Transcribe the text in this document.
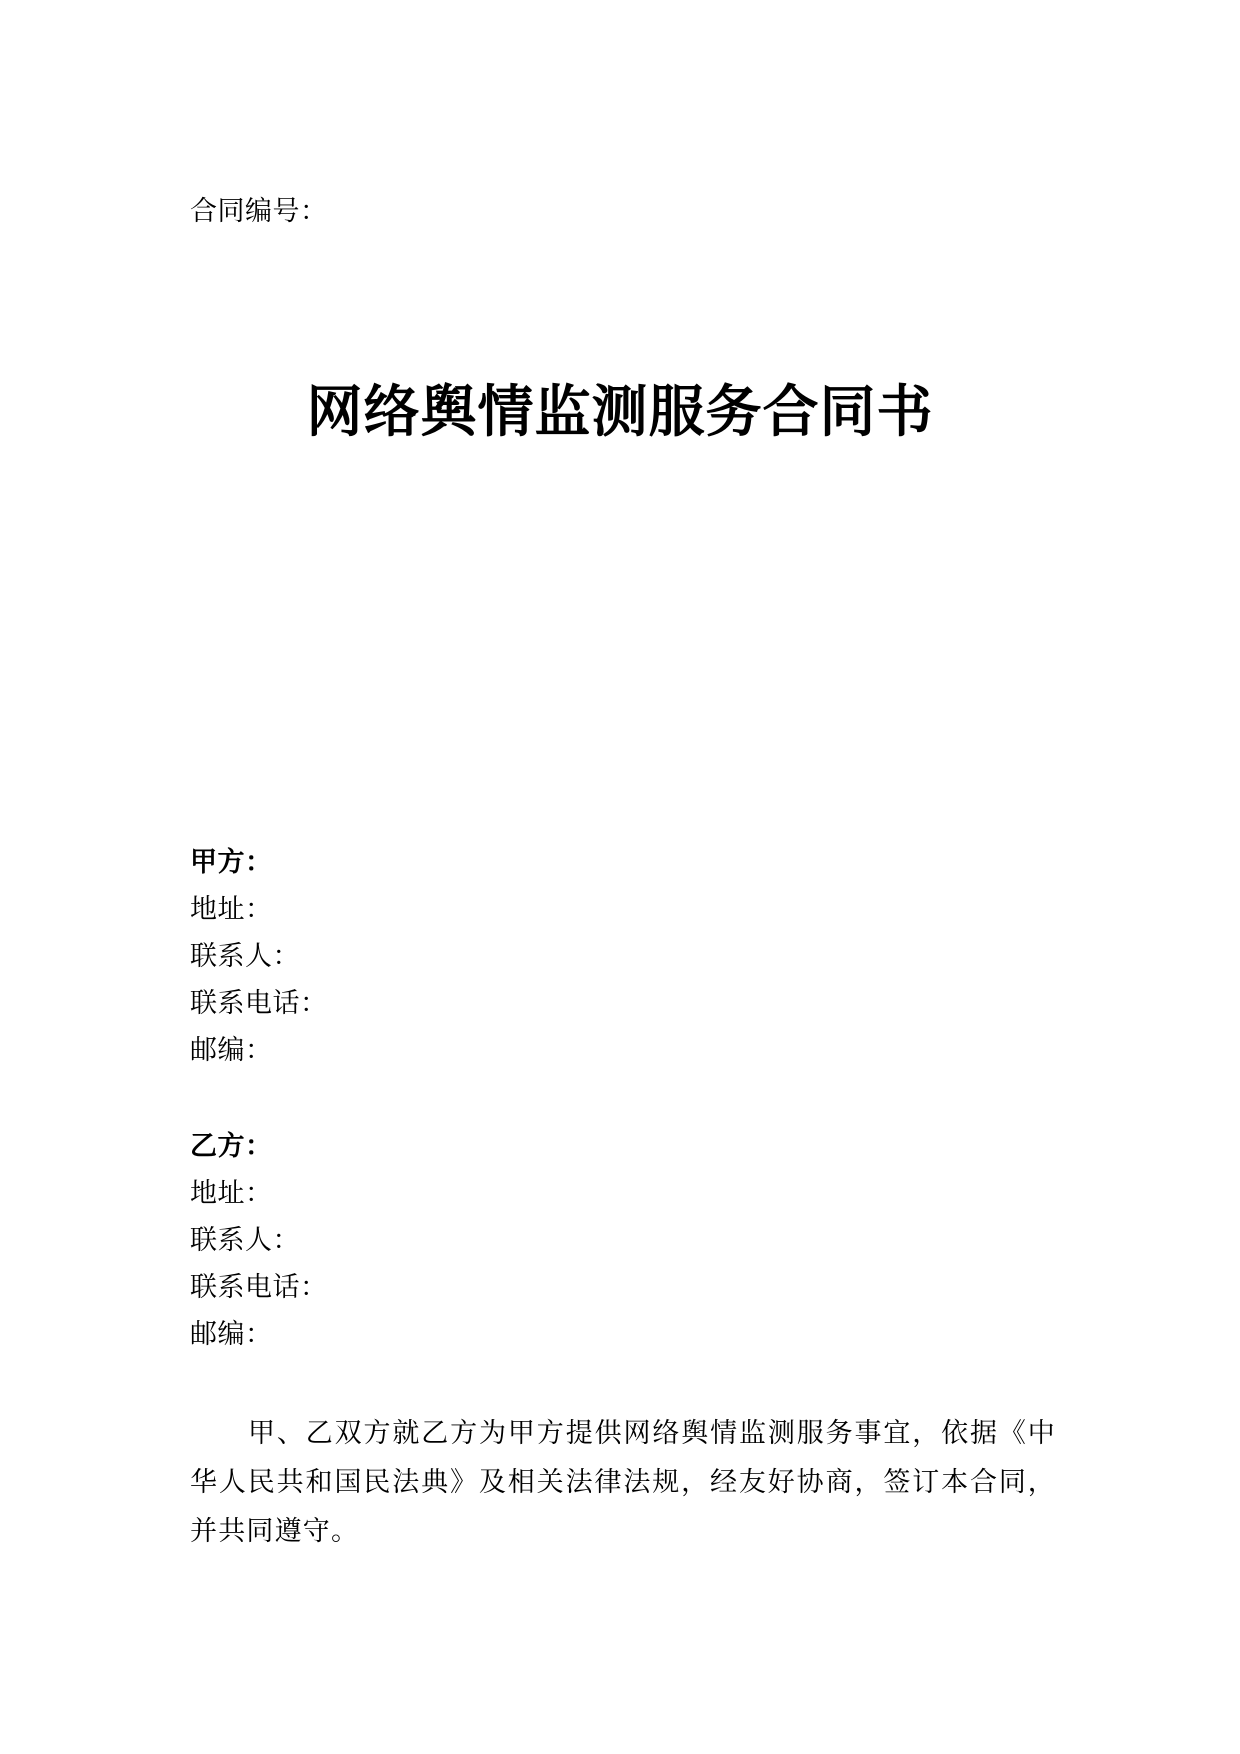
合同编号：
网络舆情监测服务合同书
甲方：
地址：
联系人：
联系电话：
邮编：
乙方：
地址：
联系人：
联系电话：
邮编：
甲、乙双方就乙方为甲方提供网络舆情监测服务事宜，依据《中华人民共和国民法典》及相关法律法规，经友好协商，签订本合同，并共同遵守。
